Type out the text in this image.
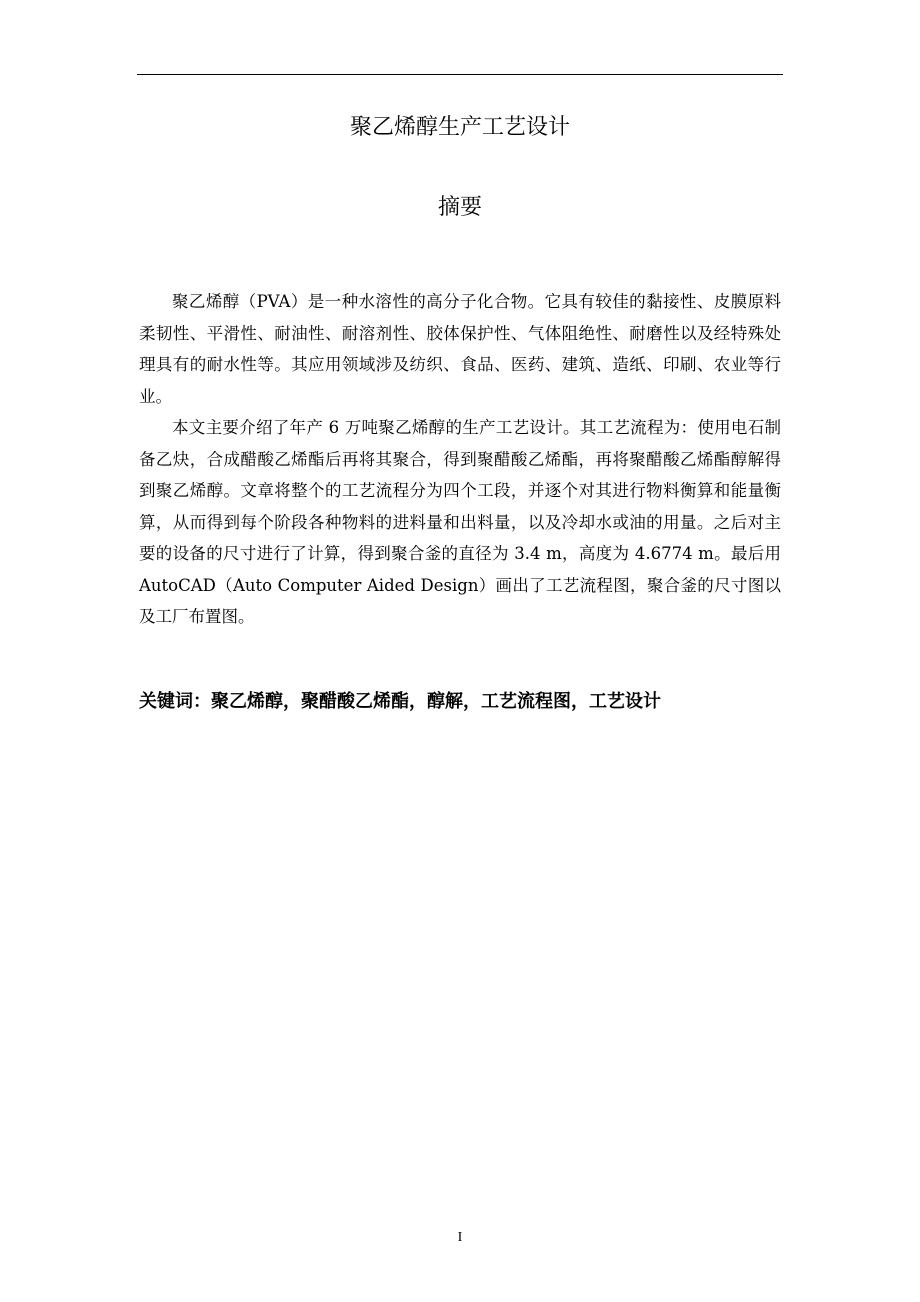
聚乙烯醇生产工艺设计
摘要

聚乙烯醇（PVA）是一种水溶性的高分子化合物。它具有较佳的黏接性、皮膜原料柔韧性、平滑性、耐油性、耐溶剂性、胶体保护性、气体阻绝性、耐磨性以及经特殊处理具有的耐水性等。其应用领域涉及纺织、食品、医药、建筑、造纸、印刷、农业等行业。

本文主要介绍了年产 6 万吨聚乙烯醇的生产工艺设计。其工艺流程为：使用电石制备乙炔，合成醋酸乙烯酯后再将其聚合，得到聚醋酸乙烯酯，再将聚醋酸乙烯酯醇解得到聚乙烯醇。文章将整个的工艺流程分为四个工段，并逐个对其进行物料衡算和能量衡算，从而得到每个阶段各种物料的进料量和出料量，以及冷却水或油的用量。之后对主要的设备的尺寸进行了计算，得到聚合釜的直径为 3.4 m，高度为 4.6774 m。最后用 AutoCAD（Auto Computer Aided Design）画出了工艺流程图，聚合釜的尺寸图以及工厂布置图。

关键词：聚乙烯醇，聚醋酸乙烯酯，醇解，工艺流程图，工艺设计
I
